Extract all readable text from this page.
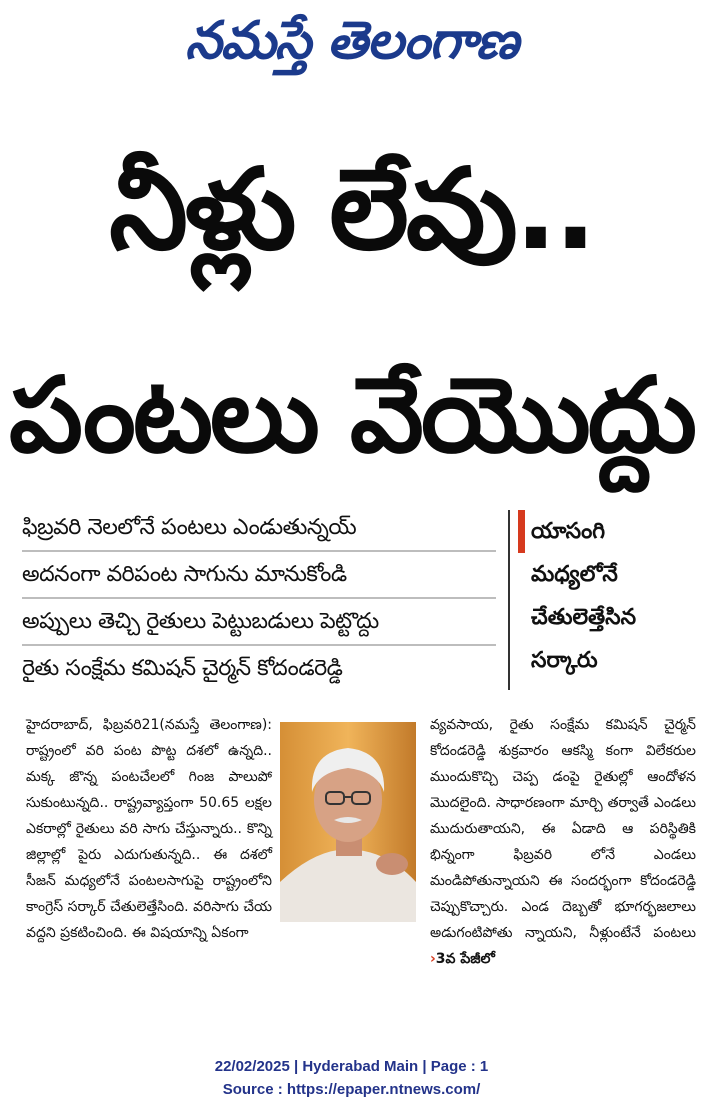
నమస్తే తెలంగాణ
నీళ్లు లేవు..
పంటలు వేయొద్దు
ఫిబ్రవరి నెలలోనే పంటలు ఎండుతున్నయ్
అదనంగా వరిపంట సాగును మానుకోండి
అప్పులు తెచ్చి రైతులు పెట్టుబడులు పెట్టొద్దు
రైతు సంక్షేమ కమిషన్ చైర్మన్ కోదండరెడ్డి
యాసంగి
మధ్యలోనే
చేతులెత్తేసిన
సర్కారు

హైదరాబాద్, ఫిబ్రవరి21(నమస్తే తెలంగాణ): రాష్ట్రంలో వరి పంట పొట్ట దశలో ఉన్నది.. మక్క జొన్న పంటచేలలో గింజ పాలుపో సుకుంటున్నది.. రాష్ట్రవ్యాప్తంగా 50.65 లక్షల ఎకరాల్లో రైతులు వరి సాగు చేస్తున్నారు.. కొన్ని జిల్లాల్లో పైరు ఎదుగుతున్నది.. ఈ దశలో సీజన్ మధ్యలోనే పంటలసాగుపై రాష్ట్రంలోని కాంగ్రెస్ సర్కార్ చేతులెత్తేసింది. వరిసాగు చేయ వద్దని ప్రకటించింది. ఈ విషయాన్ని ఏకంగా

వ్యవసాయ, రైతు సంక్షేమ కమిషన్ చైర్మన్ కోదండరెడ్డి శుక్రవారం ఆకస్మి కంగా విలేకరుల ముందుకొచ్చి చెప్ప డంపై రైతుల్లో ఆందోళన మొదలైంది. సాధారణంగా మార్చి తర్వాతే ఎండలు ముదురుతాయని, ఈ ఏడాది ఆ పరిస్థితికి భిన్నంగా ఫిబ్రవరి లోనే ఎండలు మండిపోతున్నాయని ఈ సందర్భంగా కోదండరెడ్డి చెప్పుకొచ్చారు. ఎండ దెబ్బతో భూగర్భజలాలు అడుగంటిపోతు న్నాయని, నీళ్లుంటేనే పంటలు ›3వ పేజీలో

22/02/2025 | Hyderabad Main | Page : 1
Source : https://epaper.ntnews.com/
